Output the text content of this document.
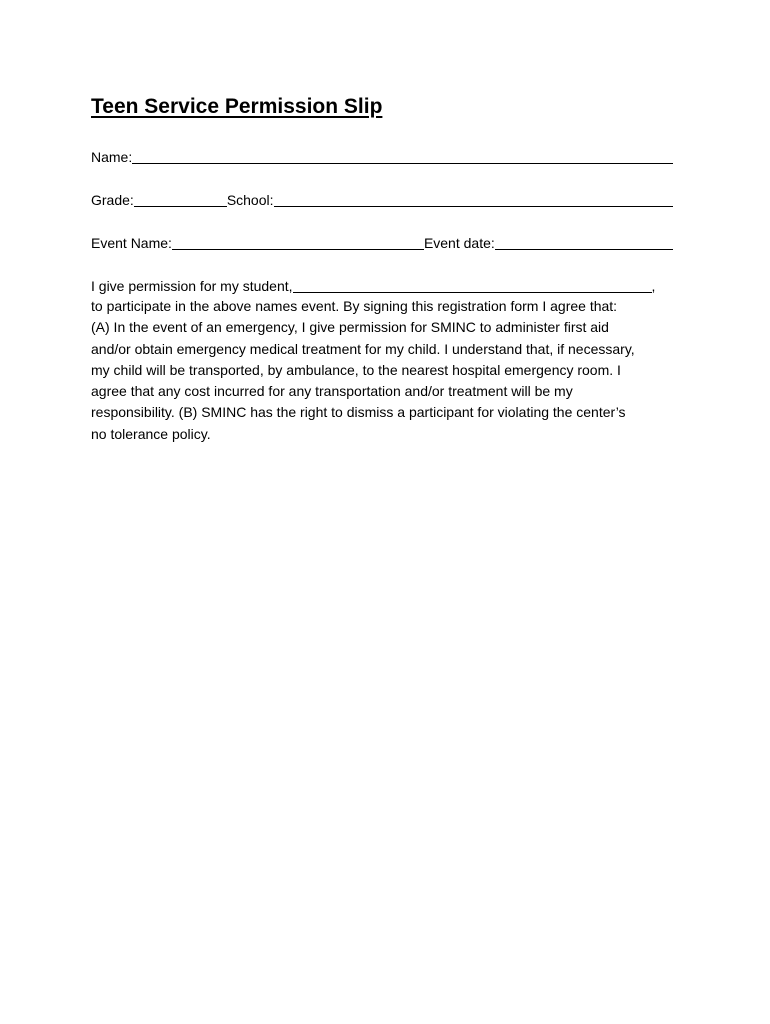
Teen Service Permission Slip
Name:
Grade:	School:
Event Name:	Event date:
I give permission for my student,	,
to participate in the above names event. By signing this registration form I agree that:
(A) In the event of an emergency, I give permission for SMINC to administer first aid
and/or obtain emergency medical treatment for my child. I understand that, if necessary,
my child will be transported, by ambulance, to the nearest hospital emergency room. I
agree that any cost incurred for any transportation and/or treatment will be my
responsibility. (B) SMINC has the right to dismiss a participant for violating the center’s
no tolerance policy.
